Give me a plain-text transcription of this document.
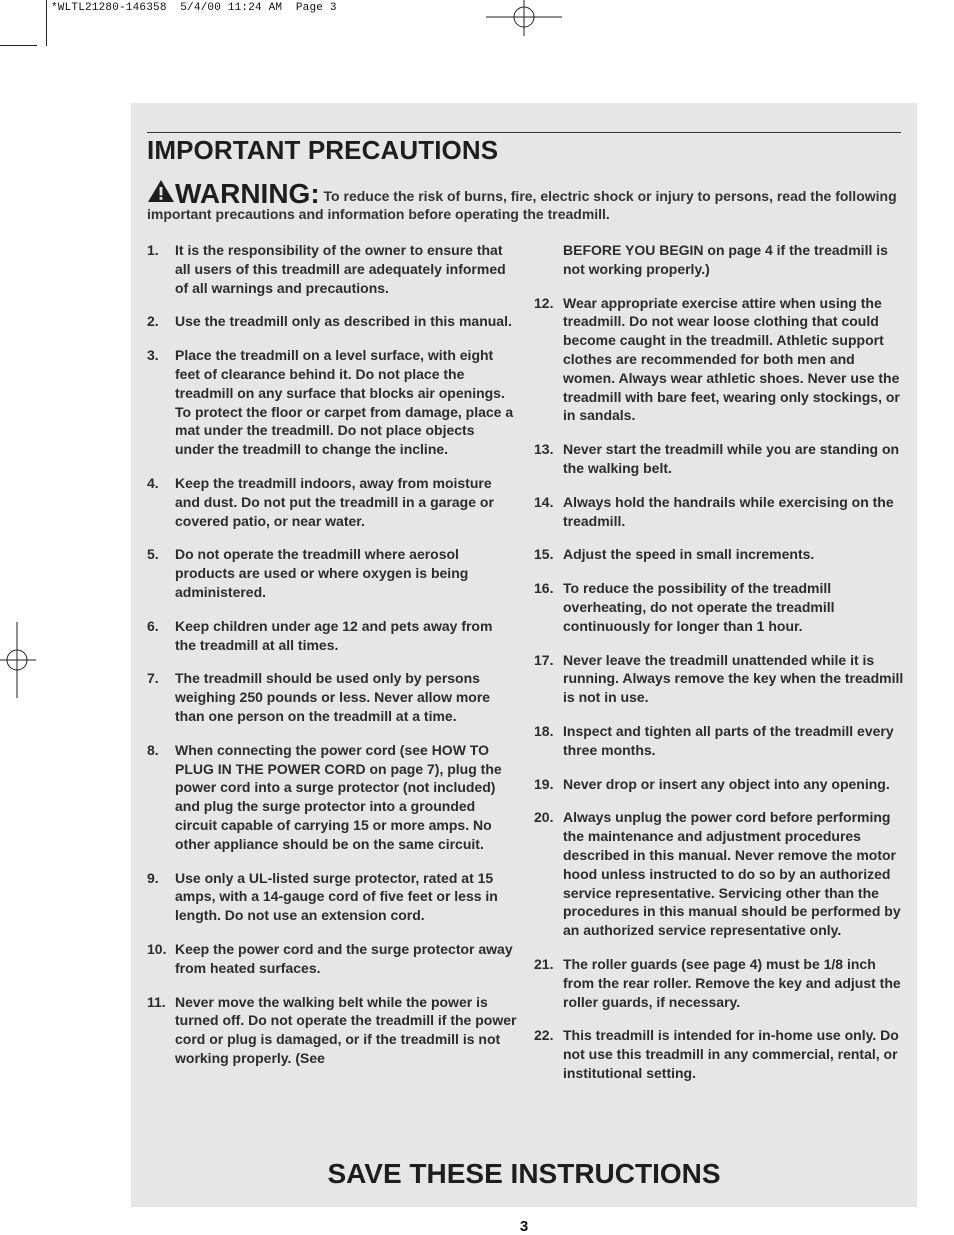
*WLTL21280-146358  5/4/00 11:24 AM  Page 3
IMPORTANT PRECAUTIONS
WARNING: To reduce the risk of burns, fire, electric shock or injury to persons, read the following important precautions and information before operating the treadmill.
1. It is the responsibility of the owner to ensure that all users of this treadmill are adequately informed of all warnings and precautions.
2. Use the treadmill only as described in this manual.
3. Place the treadmill on a level surface, with eight feet of clearance behind it. Do not place the treadmill on any surface that blocks air openings. To protect the floor or carpet from damage, place a mat under the treadmill. Do not place objects under the treadmill to change the incline.
4. Keep the treadmill indoors, away from moisture and dust. Do not put the treadmill in a garage or covered patio, or near water.
5. Do not operate the treadmill where aerosol products are used or where oxygen is being administered.
6. Keep children under age 12 and pets away from the treadmill at all times.
7. The treadmill should be used only by persons weighing 250 pounds or less. Never allow more than one person on the treadmill at a time.
8. When connecting the power cord (see HOW TO PLUG IN THE POWER CORD on page 7), plug the power cord into a surge protector (not included) and plug the surge protector into a grounded circuit capable of carrying 15 or more amps. No other appliance should be on the same circuit.
9. Use only a UL-listed surge protector, rated at 15 amps, with a 14-gauge cord of five feet or less in length. Do not use an extension cord.
10. Keep the power cord and the surge protector away from heated surfaces.
11. Never move the walking belt while the power is turned off. Do not operate the treadmill if the power cord or plug is damaged, or if the treadmill is not working properly. (See
BEFORE YOU BEGIN on page 4 if the treadmill is not working properly.)
12. Wear appropriate exercise attire when using the treadmill. Do not wear loose clothing that could become caught in the treadmill. Athletic support clothes are recommended for both men and women. Always wear athletic shoes. Never use the treadmill with bare feet, wearing only stockings, or in sandals.
13. Never start the treadmill while you are standing on the walking belt.
14. Always hold the handrails while exercising on the treadmill.
15. Adjust the speed in small increments.
16. To reduce the possibility of the treadmill overheating, do not operate the treadmill continuously for longer than 1 hour.
17. Never leave the treadmill unattended while it is running. Always remove the key when the treadmill is not in use.
18. Inspect and tighten all parts of the treadmill every three months.
19. Never drop or insert any object into any opening.
20. Always unplug the power cord before performing the maintenance and adjustment procedures described in this manual. Never remove the motor hood unless instructed to do so by an authorized service representative. Servicing other than the procedures in this manual should be performed by an authorized service representative only.
21. The roller guards (see page 4) must be 1/8 inch from the rear roller. Remove the key and adjust the roller guards, if necessary.
22. This treadmill is intended for in-home use only. Do not use this treadmill in any commercial, rental, or institutional setting.
SAVE THESE INSTRUCTIONS
3
